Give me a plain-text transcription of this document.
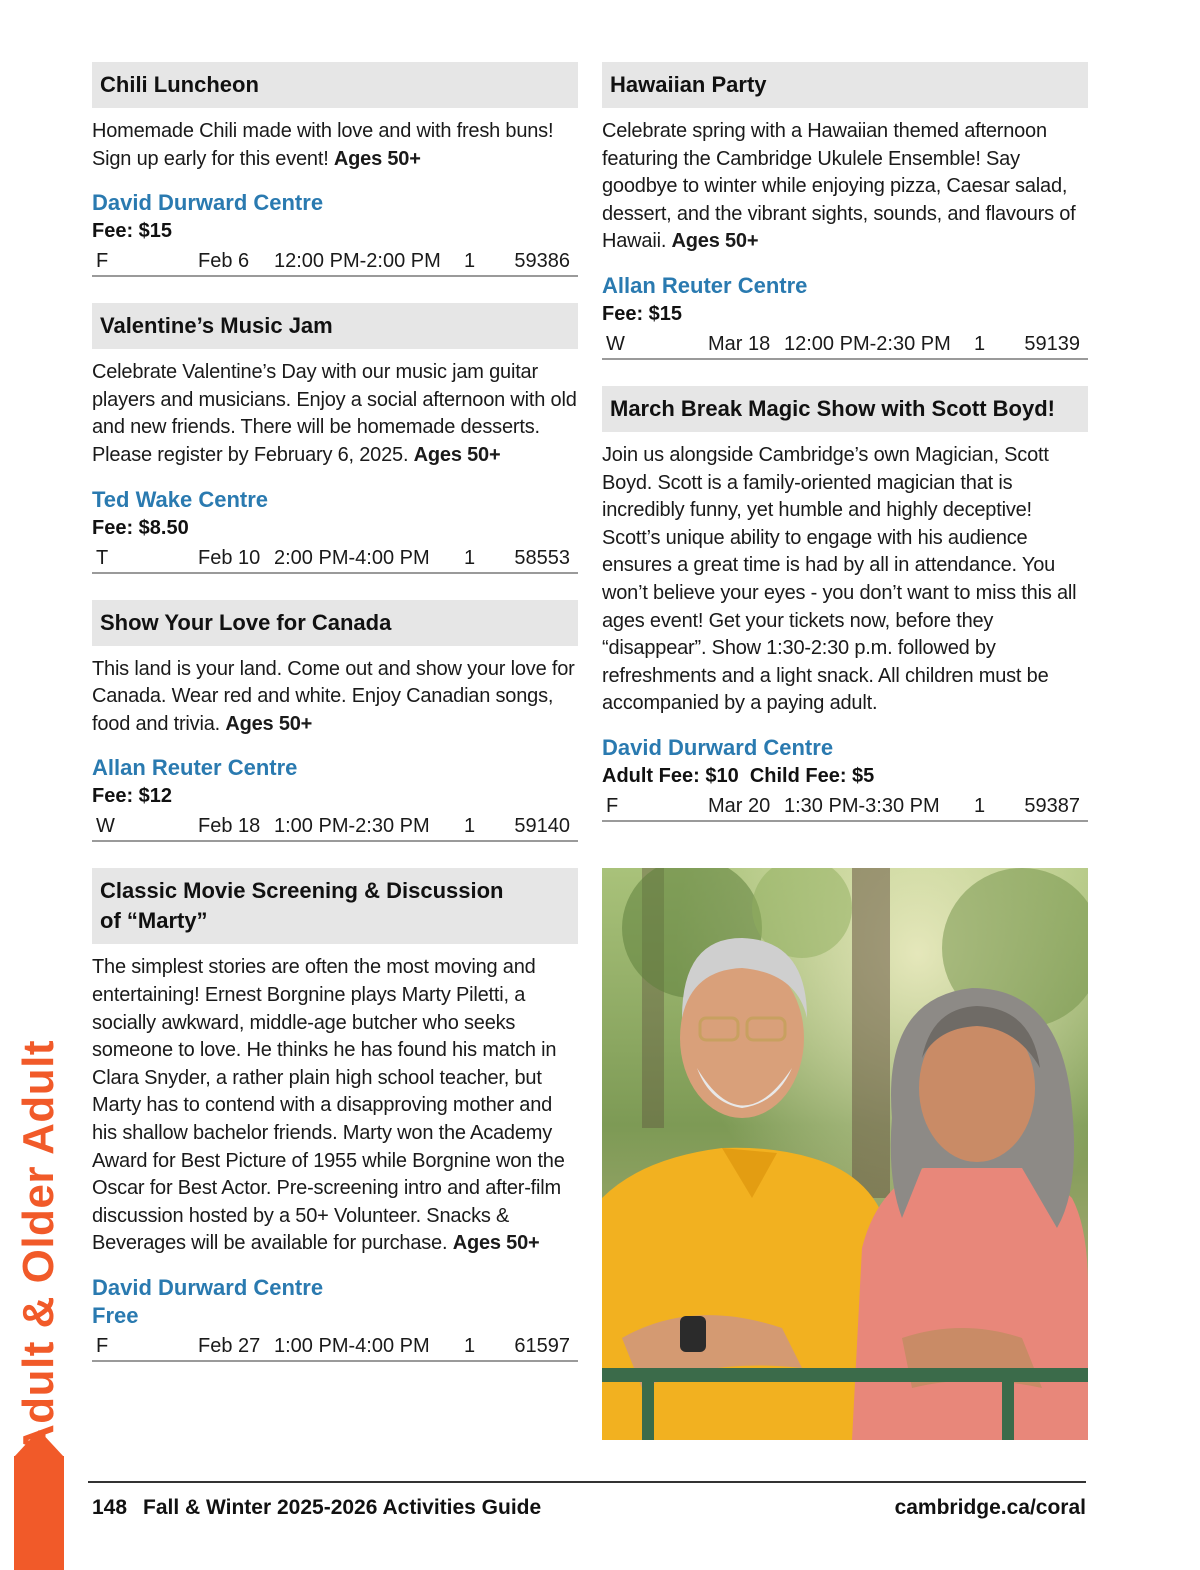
Chili Luncheon
Homemade Chili made with love and with fresh buns! Sign up early for this event! Ages 50+
David Durward Centre
Fee: $15
F	Feb 6 12:00 PM-2:00 PM 1 59386
Valentine’s Music Jam
Celebrate Valentine’s Day with our music jam guitar players and musicians. Enjoy a social afternoon with old and new friends. There will be homemade desserts. Please register by February 6, 2025. Ages 50+
Ted Wake Centre
Fee: $8.50
T	Feb 10 2:00 PM-4:00 PM 1 58553
Show Your Love for Canada
This land is your land. Come out and show your love for Canada. Wear red and white. Enjoy Canadian songs, food and trivia. Ages 50+
Allan Reuter Centre
Fee: $12
W	Feb 18 1:00 PM-2:30 PM 1 59140
Classic Movie Screening & Discussion of “Marty”
The simplest stories are often the most moving and entertaining! Ernest Borgnine plays Marty Piletti, a socially awkward, middle-age butcher who seeks someone to love. He thinks he has found his match in Clara Snyder, a rather plain high school teacher, but Marty has to contend with a disapproving mother and his shallow bachelor friends. Marty won the Academy Award for Best Picture of 1955 while Borgnine won the Oscar for Best Actor. Pre-screening intro and after-film discussion hosted by a 50+ Volunteer. Snacks & Beverages will be available for purchase. Ages 50+
David Durward Centre
Free
F	Feb 27 1:00 PM-4:00 PM 1 61597
Hawaiian Party
Celebrate spring with a Hawaiian themed afternoon featuring the Cambridge Ukulele Ensemble! Say goodbye to winter while enjoying pizza, Caesar salad, dessert, and the vibrant sights, sounds, and flavours of Hawaii. Ages 50+
Allan Reuter Centre
Fee: $15
W	Mar 18 12:00 PM-2:30 PM 1 59139
March Break Magic Show with Scott Boyd!
Join us alongside Cambridge’s own Magician, Scott Boyd. Scott is a family-oriented magician that is incredibly funny, yet humble and highly deceptive! Scott’s unique ability to engage with his audience ensures a great time is had by all in attendance. You won’t believe your eyes - you don’t want to miss this all ages event! Get your tickets now, before they “disappear”. Show 1:30-2:30 p.m. followed by refreshments and a light snack. All children must be accompanied by a paying adult.
David Durward Centre
Adult Fee: $10  Child Fee: $5
F	Mar 20 1:30 PM-3:30 PM 1 59387
Adult & Older Adult
148 Fall & Winter 2025-2026 Activities Guide	cambridge.ca/coral
